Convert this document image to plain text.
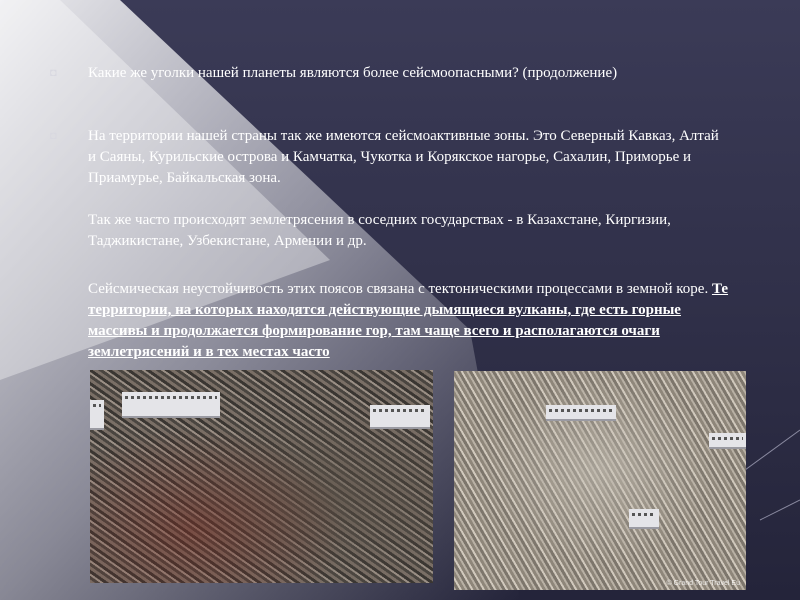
◘ Какие же уголки нашей планеты являются более сейсмоопасными? (продолжение)
◘ На территории нашей страны так же имеются сейсмоактивные зоны. Это Северный Кавказ, Алтай и Саяны, Курильские острова и Камчатка, Чукотка и Корякское нагорье, Сахалин, Приморье и Приамурье, Байкальская зона.
Так же часто происходят землетрясения в соседних государствах - в Казахстане, Киргизии, Таджикистане, Узбекистане, Армении и др.
Сейсмическая неустойчивость этих поясов связана с тектоническими процессами в земной коре. Те территории, на которых находятся действующие дымящиеся вулканы, где есть горные массивы и продолжается формирование гор, там чаще всего и располагаются очаги землетрясений и в тех местах часто
© Grand Tour Travel Eu
